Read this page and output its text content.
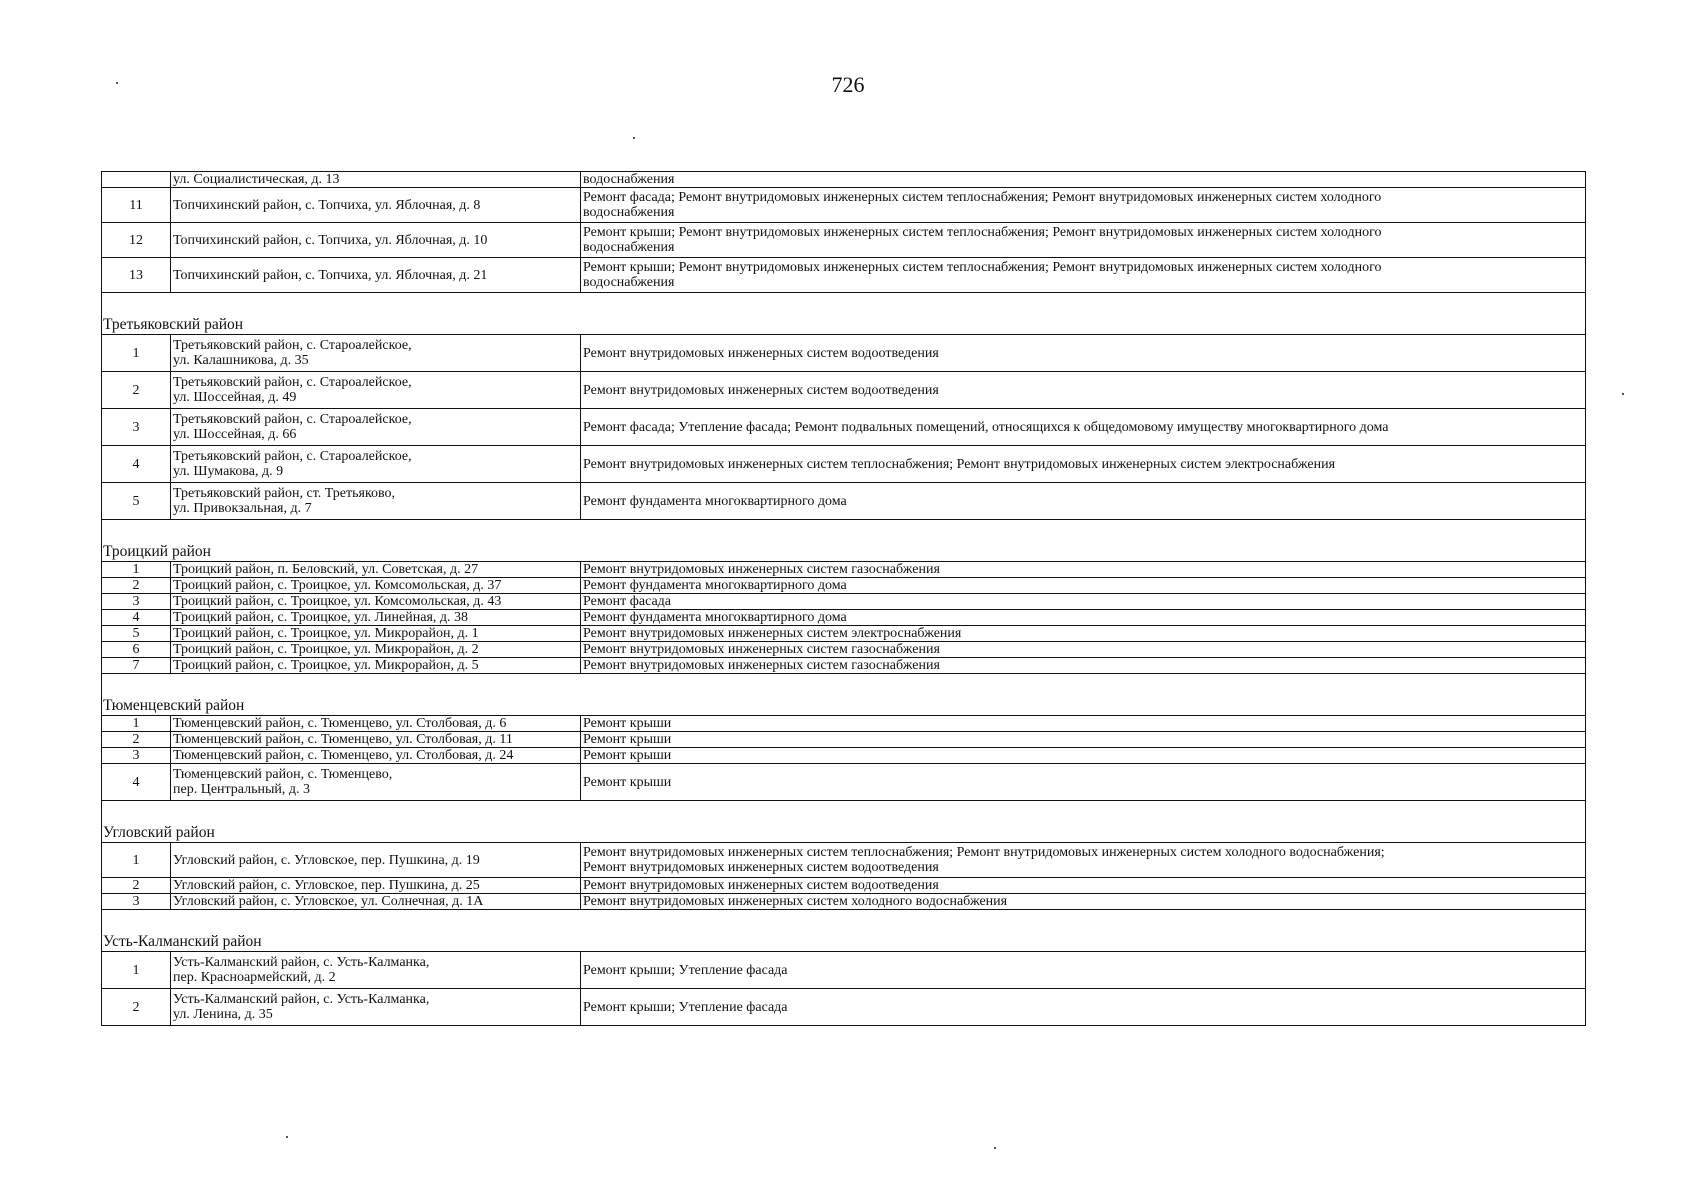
726

	ул. Социалистическая, д. 13	водоснабжения

11	Топчихинский район, с. Топчиха, ул. Яблочная, д. 8	Ремонт фасада; Ремонт внутридомовых инженерных систем теплоснабжения; Ремонт внутридомовых инженерных систем холодного
водоснабжения

12	Топчихинский район, с. Топчиха, ул. Яблочная, д. 10	Ремонт крыши; Ремонт внутридомовых инженерных систем теплоснабжения; Ремонт внутридомовых инженерных систем холодного
водоснабжения

13	Топчихинский район, с. Топчиха, ул. Яблочная, д. 21	Ремонт крыши; Ремонт внутридомовых инженерных систем теплоснабжения; Ремонт внутридомовых инженерных систем холодного
водоснабжения

Третьяковский район		
1	Третьяковский район, с. Староалейское,
ул. Калашникова, д. 35	Ремонт внутридомовых инженерных систем водоотведения

2	Третьяковский район, с. Староалейское,
ул. Шоссейная, д. 49	Ремонт внутридомовых инженерных систем водоотведения

3	Третьяковский район, с. Староалейское,
ул. Шоссейная, д. 66	Ремонт фасада; Утепление фасада; Ремонт подвальных помещений, относящихся к общедомовому имуществу многоквартирного дома

4	Третьяковский район, с. Староалейское,
ул. Шумакова, д. 9	Ремонт внутридомовых инженерных систем теплоснабжения; Ремонт внутридомовых инженерных систем электроснабжения

5	Третьяковский район, ст. Третьяково,
ул. Привокзальная, д. 7	Ремонт фундамента многоквартирного дома

Троицкий район		
1	Троицкий район, п. Беловский, ул. Советская, д. 27	Ремонт внутридомовых инженерных систем газоснабжения

2	Троицкий район, с. Троицкое, ул. Комсомольская, д. 37	Ремонт фундамента многоквартирного дома

3	Троицкий район, с. Троицкое, ул. Комсомольская, д. 43	Ремонт фасада

4	Троицкий район, с. Троицкое, ул. Линейная, д. 38	Ремонт фундамента многоквартирного дома

5	Троицкий район, с. Троицкое, ул. Микрорайон, д. 1	Ремонт внутридомовых инженерных систем электроснабжения

6	Троицкий район, с. Троицкое, ул. Микрорайон, д. 2	Ремонт внутридомовых инженерных систем газоснабжения

7	Троицкий район, с. Троицкое, ул. Микрорайон, д. 5	Ремонт внутридомовых инженерных систем газоснабжения

Тюменцевский район		
1	Тюменцевский район, с. Тюменцево, ул. Столбовая, д. 6	Ремонт крыши

2	Тюменцевский район, с. Тюменцево, ул. Столбовая, д. 11	Ремонт крыши

3	Тюменцевский район, с. Тюменцево, ул. Столбовая, д. 24	Ремонт крыши

4	Тюменцевский район, с. Тюменцево,
пер. Центральный, д. 3	Ремонт крыши

Угловский район		
1	Угловский район, с. Угловское, пер. Пушкина, д. 19	Ремонт внутридомовых инженерных систем теплоснабжения; Ремонт внутридомовых инженерных систем холодного водоснабжения;
Ремонт внутридомовых инженерных систем водоотведения

2	Угловский район, с. Угловское, пер. Пушкина, д. 25	Ремонт внутридомовых инженерных систем водоотведения

3	Угловский район, с. Угловское, ул. Солнечная, д. 1А	Ремонт внутридомовых инженерных систем холодного водоснабжения

Усть-Калманский район		
1	Усть-Калманский район, с. Усть-Калманка,
пер. Красноармейский, д. 2	Ремонт крыши; Утепление фасада

2	Усть-Калманский район, с. Усть-Калманка,
ул. Ленина, д. 35	Ремонт крыши; Утепление фасада
